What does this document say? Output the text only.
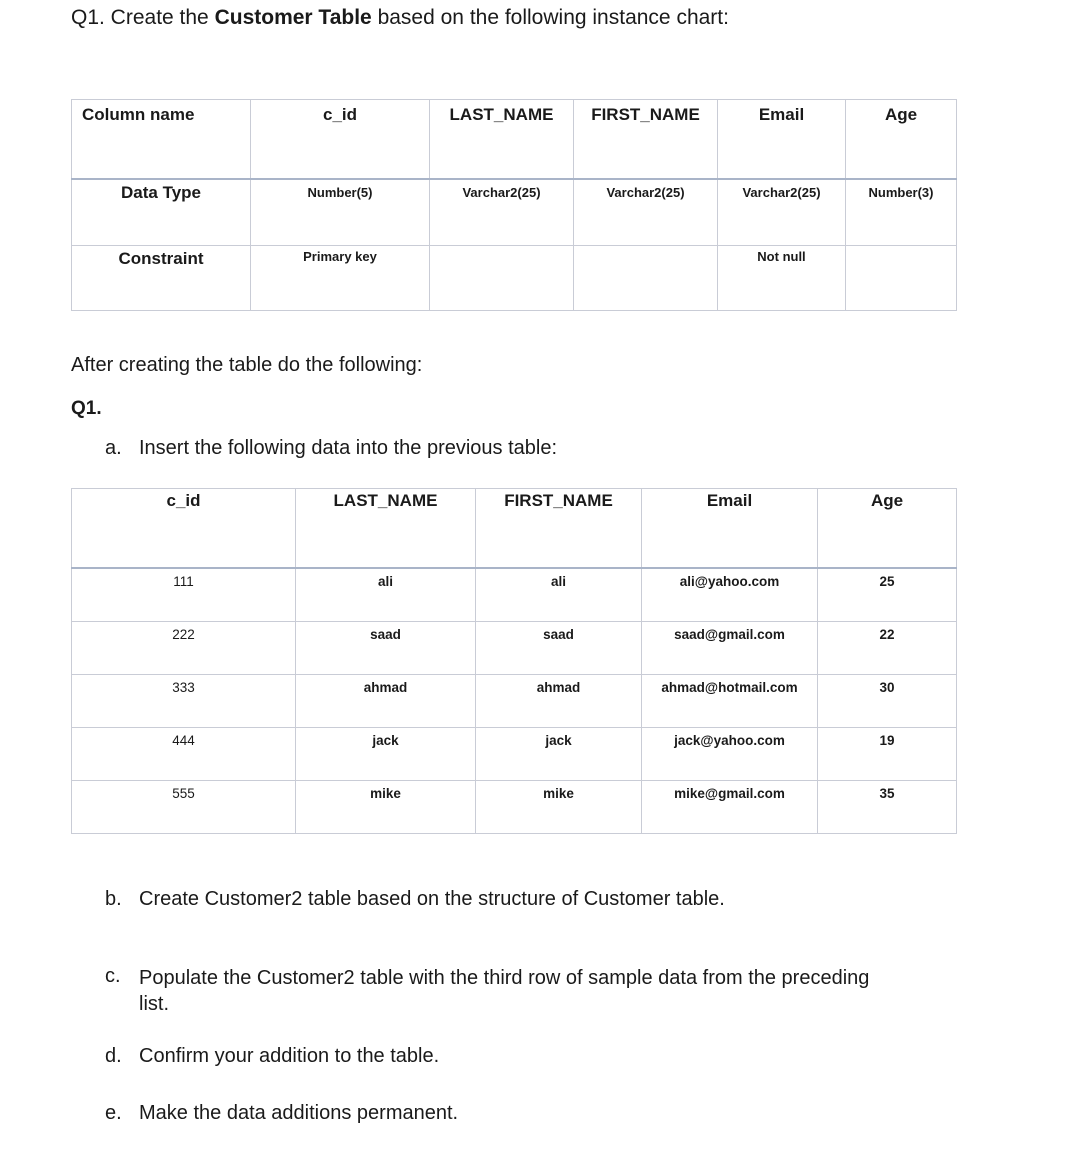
Q1. Create the Customer Table based on the following instance chart:
Column name	c_id	LAST_NAME	FIRST_NAME	Email	Age

Data Type	Number(5)	Varchar2(25)	Varchar2(25)	Varchar2(25)	Number(3)

Constraint	Primary key			Not null	

After creating the table do the following:
Q1.
a. Insert the following data into the previous table:
c_id	LAST_NAME	FIRST_NAME	Email	Age

111	ali	ali	ali@yahoo.com	25

222	saad	saad	saad@gmail.com	22

333	ahmad	ahmad	ahmad@hotmail.com	30

444	jack	jack	jack@yahoo.com	19

555	mike	mike	mike@gmail.com	35
b. Create Customer2 table based on the structure of Customer table.
c. Populate the Customer2 table with the third row of sample data from the preceding list.
d. Confirm your addition to the table.
e. Make the data additions permanent.
